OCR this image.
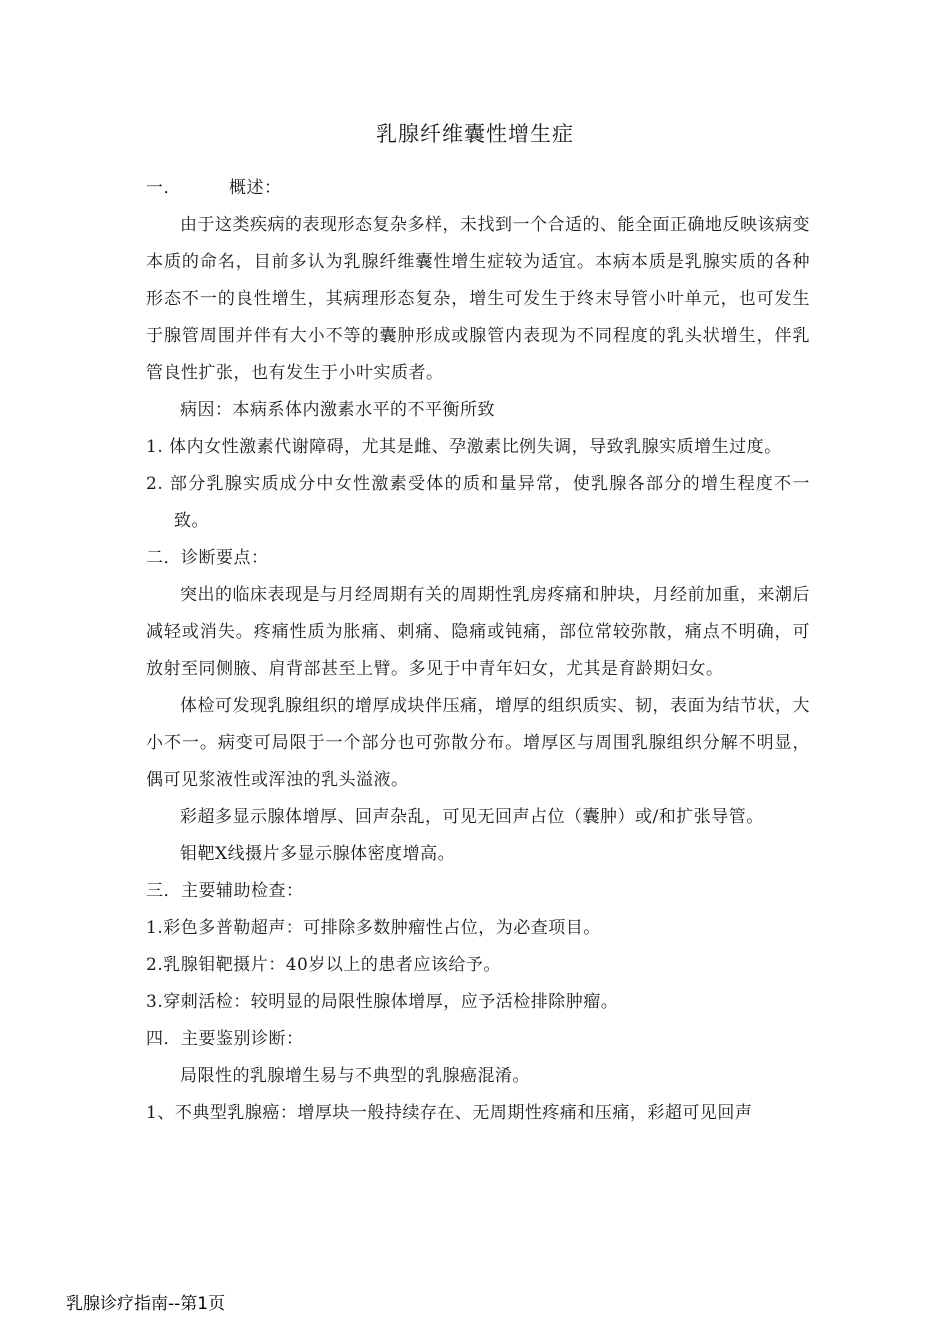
乳腺纤维囊性增生症

一．	概述：

由于这类疾病的表现形态复杂多样，未找到一个合适的、能全面正确地反映该病变本质的命名，目前多认为乳腺纤维囊性增生症较为适宜。本病本质是乳腺实质的各种形态不一的良性增生，其病理形态复杂，增生可发生于终末导管小叶单元，也可发生于腺管周围并伴有大小不等的囊肿形成或腺管内表现为不同程度的乳头状增生，伴乳管良性扩张，也有发生于小叶实质者。

病因：本病系体内激素水平的不平衡所致

1. 体内女性激素代谢障碍，尤其是雌、孕激素比例失调，导致乳腺实质增生过度。

2. 部分乳腺实质成分中女性激素受体的质和量异常，使乳腺各部分的增生程度不一致。

二．诊断要点：

突出的临床表现是与月经周期有关的周期性乳房疼痛和肿块，月经前加重，来潮后减轻或消失。疼痛性质为胀痛、刺痛、隐痛或钝痛，部位常较弥散，痛点不明确，可放射至同侧腋、肩背部甚至上臂。多见于中青年妇女，尤其是育龄期妇女。

体检可发现乳腺组织的增厚成块伴压痛，增厚的组织质实、韧，表面为结节状，大小不一。病变可局限于一个部分也可弥散分布。增厚区与周围乳腺组织分解不明显，偶可见浆液性或浑浊的乳头溢液。

彩超多显示腺体增厚、回声杂乱，可见无回声占位（囊肿）或/和扩张导管。

钼靶X线摄片多显示腺体密度增高。

三．主要辅助检查：

1.彩色多普勒超声：可排除多数肿瘤性占位，为必查项目。

2.乳腺钼靶摄片：40岁以上的患者应该给予。

3.穿刺活检：较明显的局限性腺体增厚，应予活检排除肿瘤。

四．主要鉴别诊断：

局限性的乳腺增生易与不典型的乳腺癌混淆。

1、不典型乳腺癌：增厚块一般持续存在、无周期性疼痛和压痛，彩超可见回声

乳腺诊疗指南--第1页
